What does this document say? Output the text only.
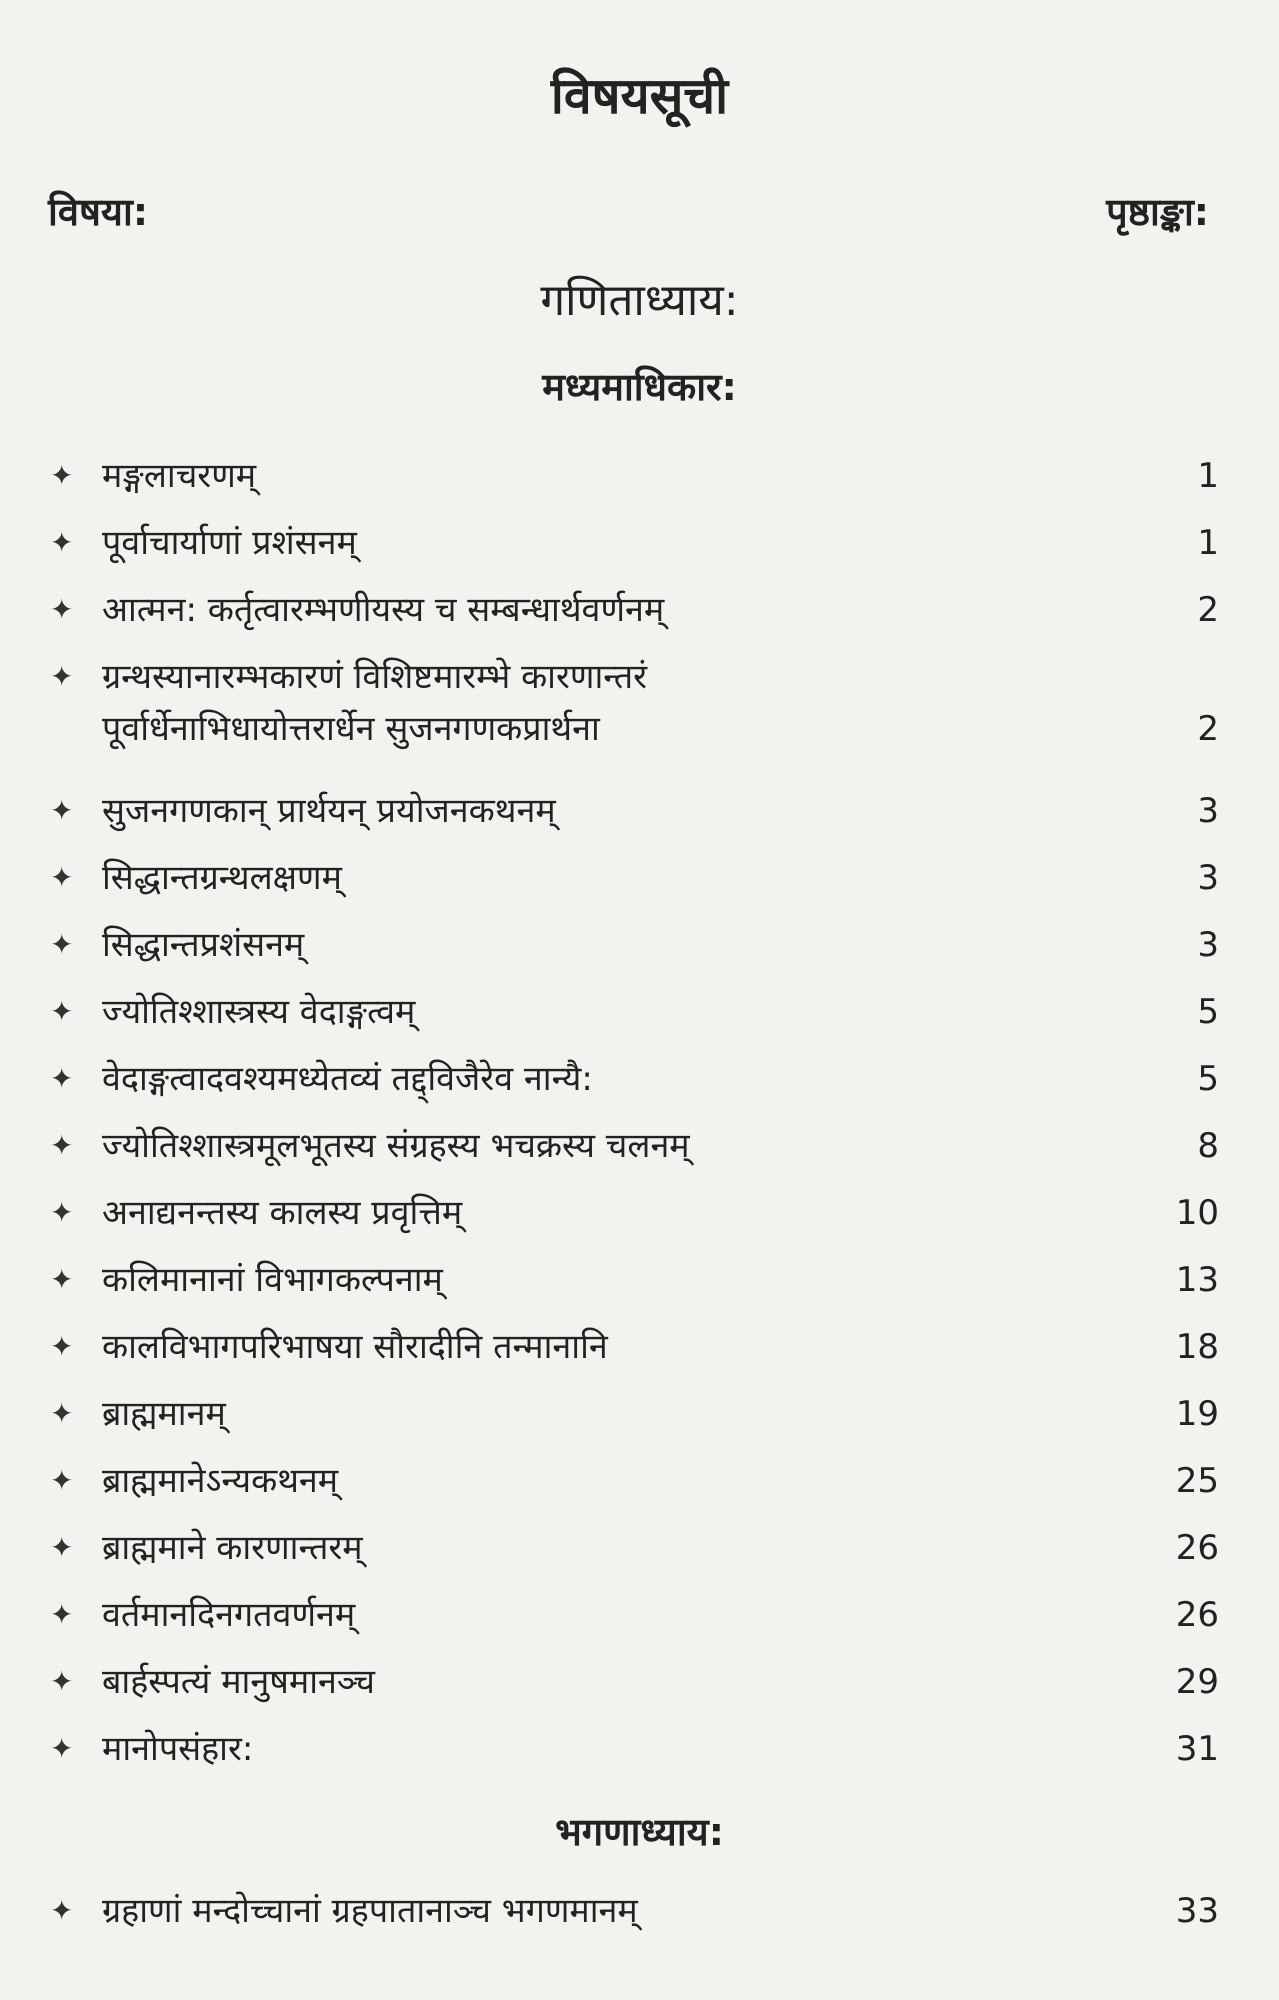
विषयसूची
विषया:	पृष्ठाङ्का:
गणिताध्याय:
मध्यमाधिकार:
✦ मङ्गलाचरणम्	1
✦ पूर्वाचार्याणां प्रशंसनम्	1
✦ आत्मन: कर्तृत्वारम्भणीयस्य च सम्बन्धार्थवर्णनम्	2
✦ ग्रन्थस्यानारम्भकारणं विशिष्टमारम्भे कारणान्तरं
पूर्वार्धेनाभिधायोत्तरार्धेन सुजनगणकप्रार्थना	2
✦ सुजनगणकान् प्रार्थयन् प्रयोजनकथनम्	3
✦ सिद्धान्तग्रन्थलक्षणम्	3
✦ सिद्धान्तप्रशंसनम्	3
✦ ज्योतिश्शास्त्रस्य वेदाङ्गत्वम्	5
✦ वेदाङ्गत्वादवश्यमध्येतव्यं तद्द्विजैरेव नान्यै:	5
✦ ज्योतिश्शास्त्रमूलभूतस्य संग्रहस्य भचक्रस्य चलनम्	8
✦ अनाद्यनन्तस्य कालस्य प्रवृत्तिम्	10
✦ कलिमानानां विभागकल्पनाम्	13
✦ कालविभागपरिभाषया सौरादीनि तन्मानानि	18
✦ ब्राह्ममानम्	19
✦ ब्राह्ममानेऽन्यकथनम्	25
✦ ब्राह्ममाने कारणान्तरम्	26
✦ वर्तमानदिनगतवर्णनम्	26
✦ बार्हस्पत्यं मानुषमानञ्च	29
✦ मानोपसंहार:	31
भगणाध्याय:
✦ ग्रहाणां मन्दोच्चानां ग्रहपातानाञ्च भगणमानम्	33
